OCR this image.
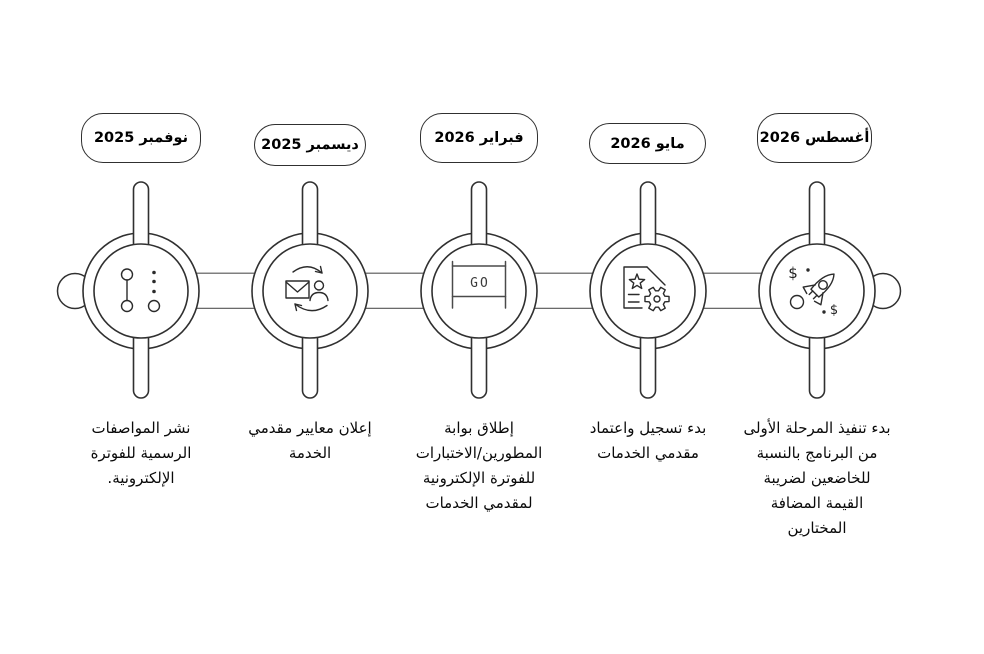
GO
$
$
نوفمبر 2025	ديسمبر 2025	فبراير 2026	مايو 2026	أغسطس 2026
نشر المواصفات
الرسمية للفوترة
الإلكترونية.
إعلان معايير مقدمي
الخدمة
إطلاق بوابة
المطورين/الاختبارات
للفوترة الإلكترونية
لمقدمي الخدمات
بدء تسجيل واعتماد
مقدمي الخدمات
بدء تنفيذ المرحلة الأولى
من البرنامج بالنسبة
للخاضعين لضريبة
القيمة المضافة
المختارين
